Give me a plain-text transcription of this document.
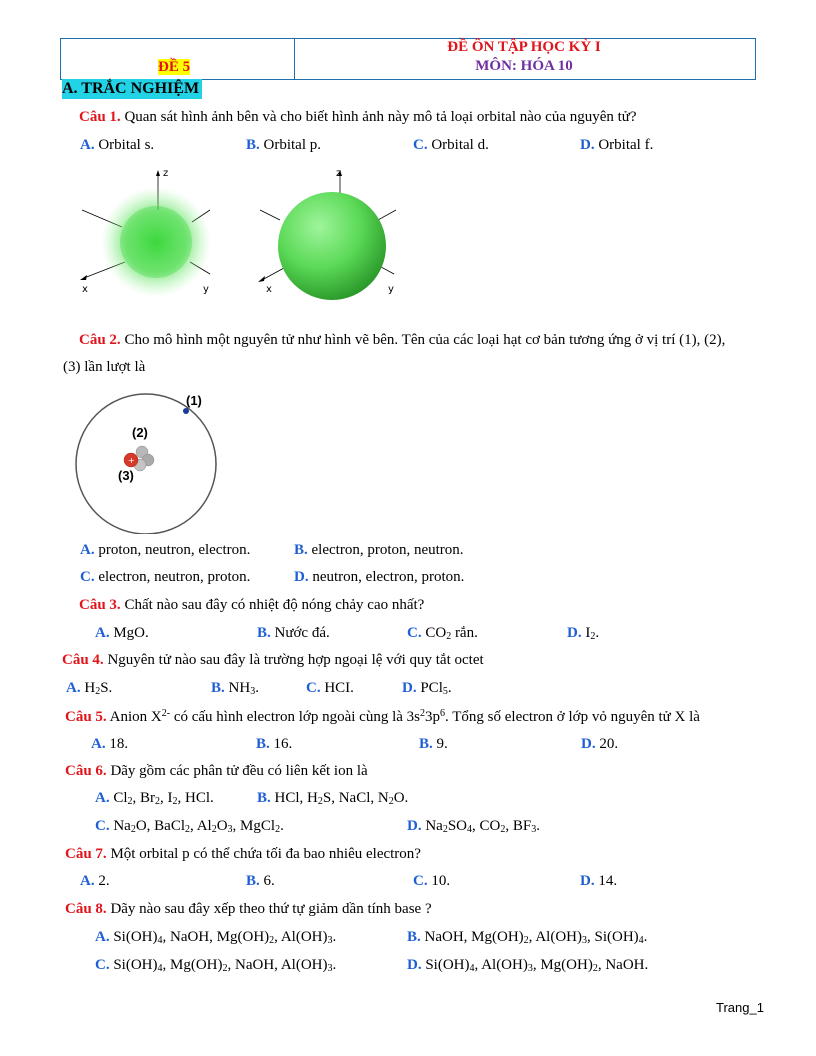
ĐỀ 5
ĐỀ ÔN TẬP HỌC KỲ I
MÔN: HÓA 10
A. TRẮC NGHIỆM
Câu 1. Quan sát hình ảnh bên và cho biết hình ảnh này mô tả loại orbital nào của nguyên tử?
A. Orbital s.	B. Orbital p.	C. Orbital d.	D. Orbital f.
z
x	y
z
x	y
Câu 2. Cho mô hình một nguyên tử như hình vẽ bên. Tên của các loại hạt cơ bản tương ứng ở vị trí (1), (2),
(3) lần lượt là
(1)
(2)
(3)
+
A. proton, neutron, electron.	B. electron, proton, neutron.
C. electron, neutron, proton.	D. neutron, electron, proton.
Câu 3. Chất nào sau đây có nhiệt độ nóng chảy cao nhất?
A. MgO.	B. Nước đá.	C. $CO_2$ rắn.	D. $I_2$.
Câu 4. Nguyên tử nào sau đây là trường hợp ngoại lệ với quy tắt octet
A. $H_2S$.	B. $NH_3$.	C. HCI.	D. PCl$_5$.
Câu 5. Anion $X^{2-}$ có cấu hình electron lớp ngoài cùng là $3s^23p^6$. Tổng số electron ở lớp vỏ nguyên tử X là
A. 18.	B. 16.	B. 9.	D. 20.
Câu 6. Dãy gồm các phân tử đều có liên kết ion là
A. $Cl_2$, $Br_2$, $I_2$, HCl.	B. HCl, $H_2S$, NaCl, $N_2O$.
C. $Na_2O$, BaCl$_2$, $Al_2O_3$, MgCl$_2$.	D. $Na_2SO_4$, $CO_2$, $BF_3$.
Câu 7. Một orbital p có thể chứa tối đa bao nhiêu electron?
A. 2.	B. 6.	C. 10.	D. 14.
Câu 8. Dãy nào sau đây xếp theo thứ tự giảm dần tính base ?
A. $Si(OH)_4$, NaOH, $Mg(OH)_2$, $Al(OH)_3$.	B. NaOH, $Mg(OH)_2$, $Al(OH)_3$, $Si(OH)_4$.
C. $Si(OH)_4$, $Mg(OH)_2$, NaOH, $Al(OH)_3$.	D. $Si(OH)_4$, $Al(OH)_3$, $Mg(OH)_2$, NaOH.
Trang_1
